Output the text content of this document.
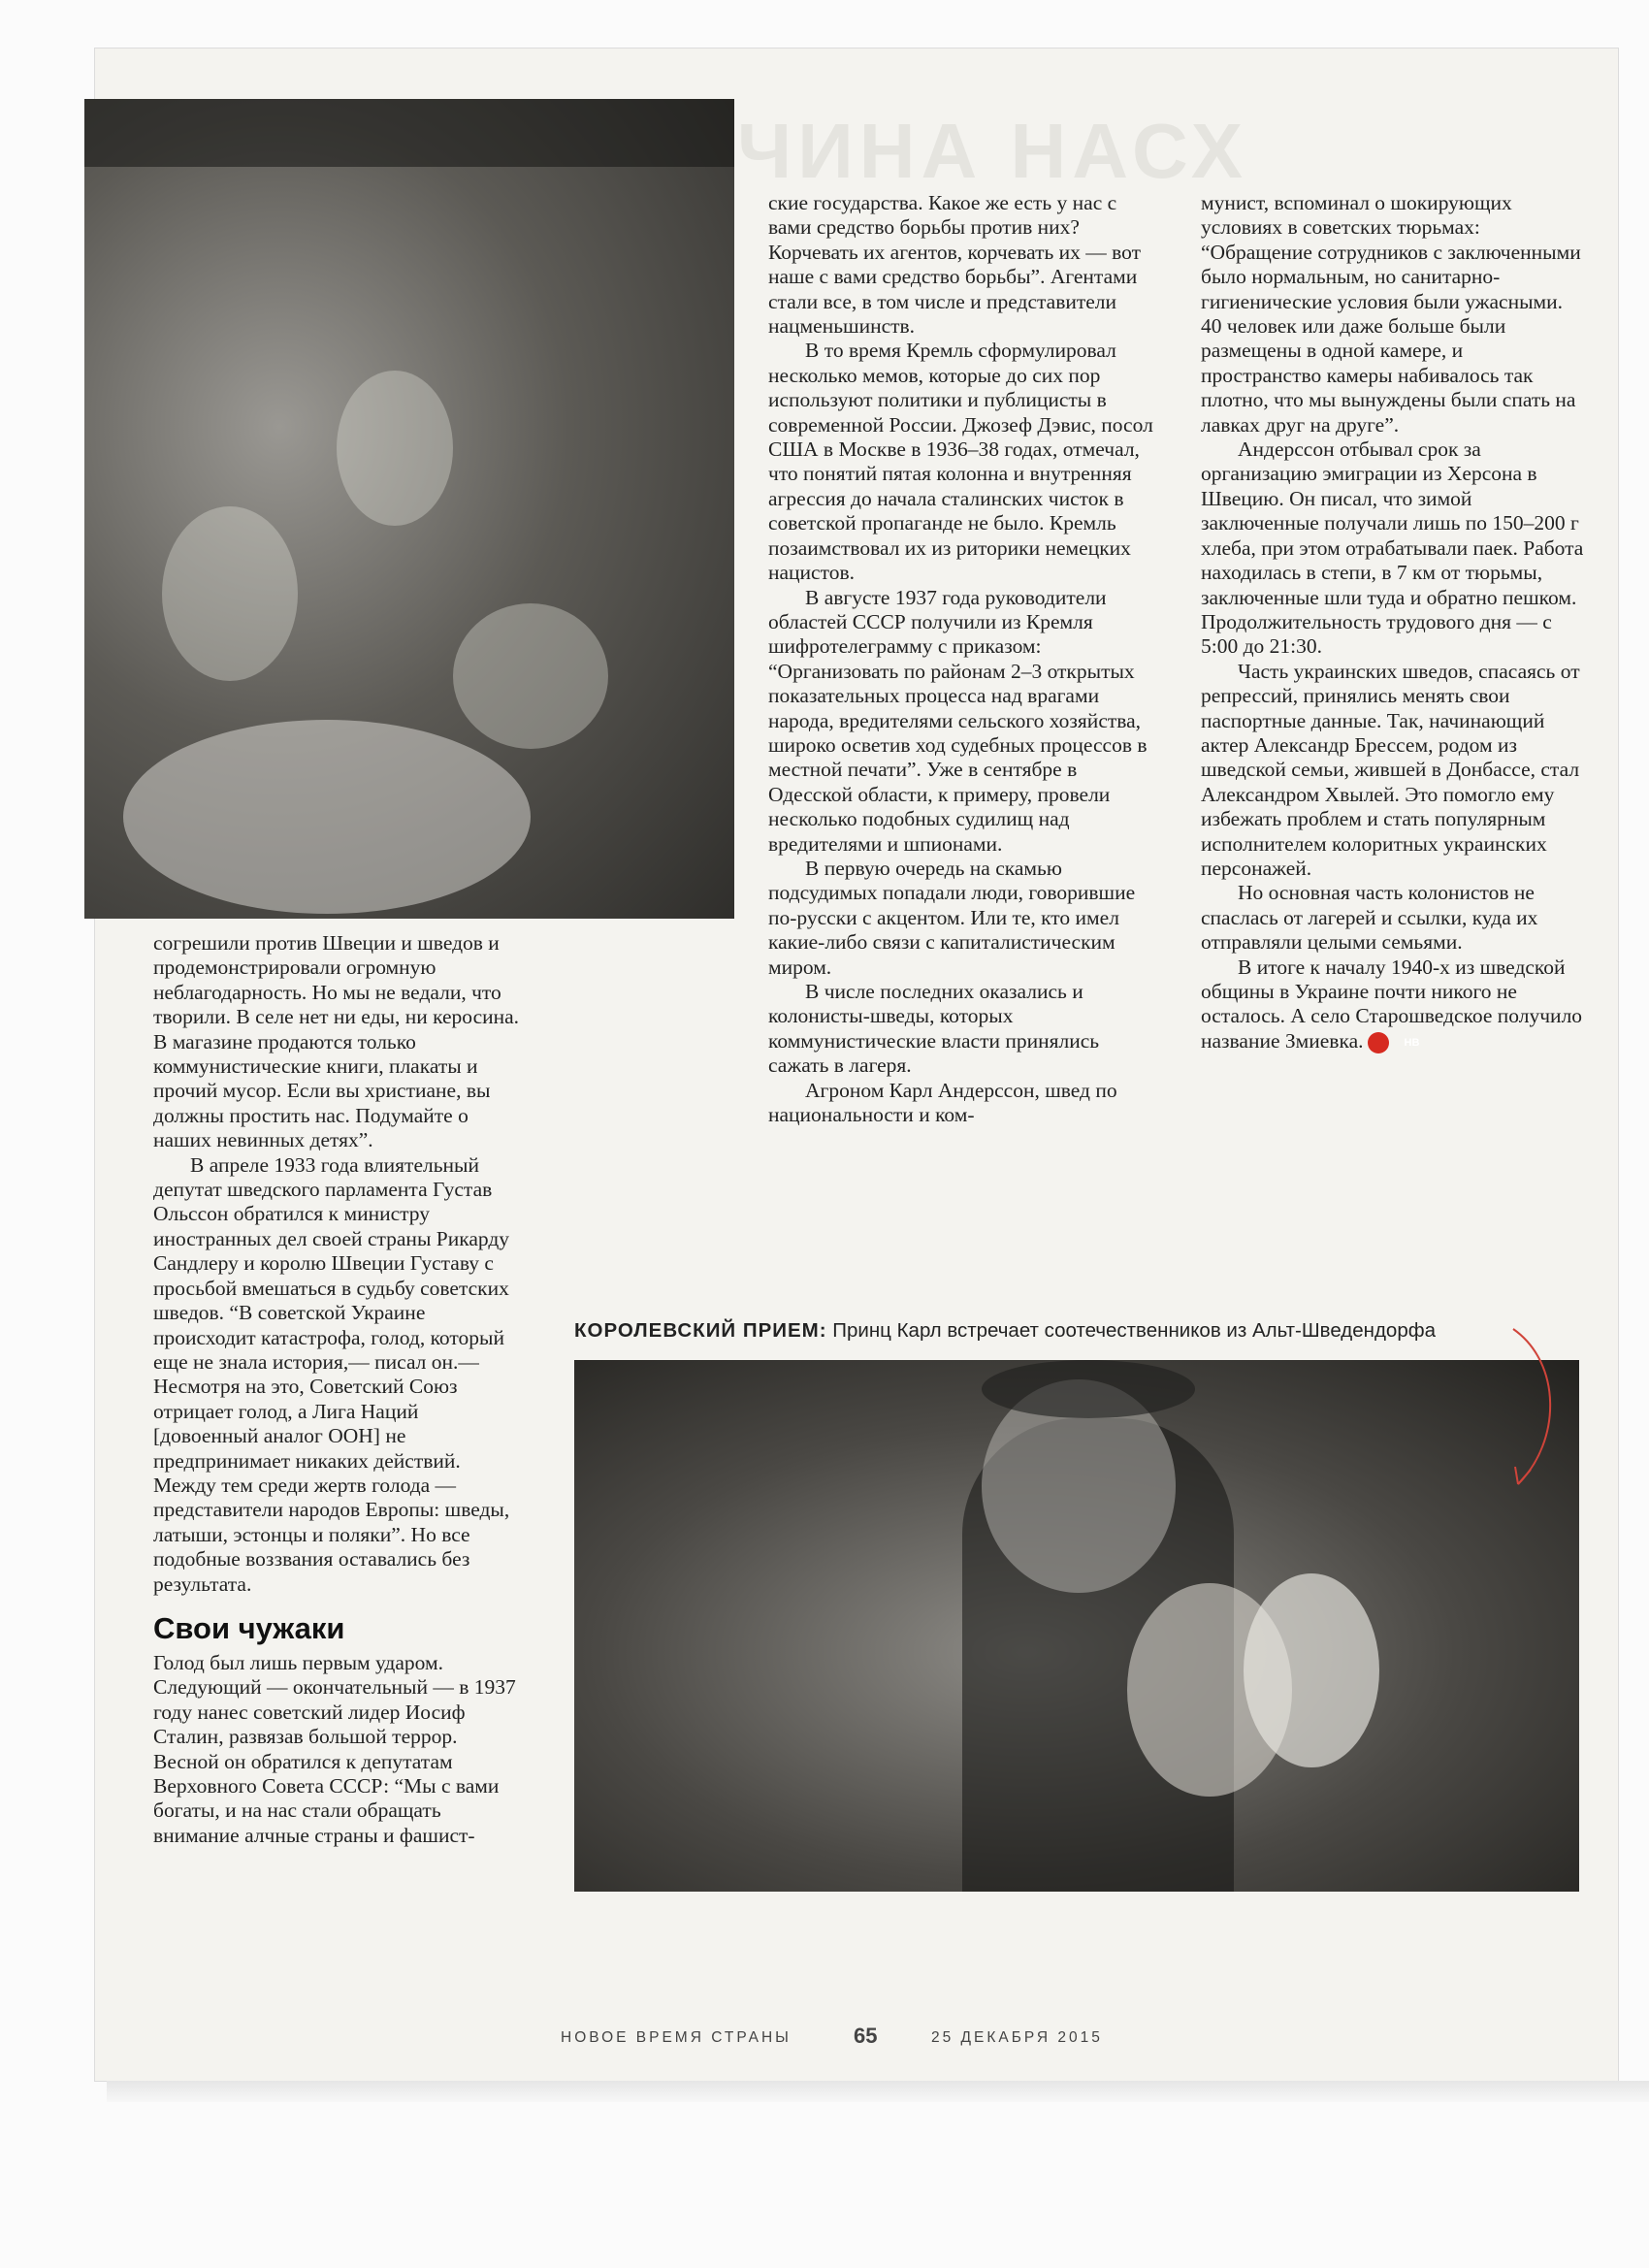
ЧИНА НАСХ

ские государства. Какое же есть у нас с вами средство борьбы против них? Корчевать их агентов, корчевать их — вот наше с вами средство борьбы”. Агентами стали все, в том числе и представители нацменьшинств.

В то время Кремль сформулировал несколько мемов, которые до сих пор используют политики и публицисты в современной России. Джозеф Дэвис, посол США в Москве в 1936–38 годах, отмечал, что понятий пятая колонна и внутренняя агрессия до начала сталинских чисток в советской пропаганде не было. Кремль позаимствовал их из риторики немецких нацистов.

В августе 1937 года руководители областей СССР получили из Кремля шифротелеграмму с приказом: “Организовать по районам 2–3 открытых показательных процесса над врагами народа, вредителями сельского хозяйства, широко осветив ход судебных процессов в местной печати”. Уже в сентябре в Одесской области, к примеру, провели несколько подобных судилищ над вредителями и шпионами.

В первую очередь на скамью подсудимых попадали люди, говорившие по-русски с акцентом. Или те, кто имел какие-либо связи с капиталистическим миром.

В числе последних оказались и колонисты-шведы, которых коммунистические власти принялись сажать в лагеря.

Агроном Карл Андерссон, швед по национальности и ком-

мунист, вспоминал о шокирующих условиях в советских тюрьмах: “Обращение сотрудников с заключенными было нормальным, но санитарно-гигиенические условия были ужасными. 40 человек или даже больше были размещены в одной камере, и пространство камеры набивалось так плотно, что мы вынуждены были спать на лавках друг на друге”.

Андерссон отбывал срок за организацию эмиграции из Херсона в Швецию. Он писал, что зимой заключенные получали лишь по 150–200 г хлеба, при этом отрабатывали паек. Работа находилась в степи, в 7 км от тюрьмы, заключенные шли туда и обратно пешком. Продолжительность трудового дня — с 5:00 до 21:30.

Часть украинских шведов, спасаясь от репрессий, принялись менять свои паспортные данные. Так, начинающий актер Александр Брессем, родом из шведской семьи, жившей в Донбассе, стал Александром Хвылей. Это помогло ему избежать проблем и стать популярным исполнителем колоритных украинских персонажей.

Но основная часть колонистов не спаслась от лагерей и ссылки, куда их отправляли целыми семьями.

В итоге к началу 1940-х из шведской общины в Украине почти никого не осталось. А село Старошведское получило название Змиевка.	НВ

согрешили против Швеции и шведов и продемонстрировали огромную неблагодарность. Но мы не ведали, что творили. В селе нет ни еды, ни керосина. В магазине продаются только коммунистические книги, плакаты и прочий мусор. Если вы христиане, вы должны простить нас. Подумайте о наших невинных детях”.

В апреле 1933 года влиятельный депутат шведского парламента Густав Ольссон обратился к министру иностранных дел своей страны Рикарду Сандлеру и королю Швеции Густаву с просьбой вмешаться в судьбу советских шведов. “В советской Украине происходит катастрофа, голод, который еще не знала история,— писал он.— Несмотря на это, Советский Союз отрицает голод, а Лига Наций [довоенный аналог ООН] не предпринимает никаких действий. Между тем среди жертв голода — представители народов Европы: шведы, латыши, эстонцы и поляки”. Но все подобные воззвания оставались без результата.

Свои чужаки

Голод был лишь первым ударом. Следующий — окончательный — в 1937 году нанес советский лидер Иосиф Сталин, развязав большой террор. Весной он обратился к депутатам Верховного Совета СССР: “Мы с вами богаты, и на нас стали обращать внимание алчные страны и фашист-

КОРОЛЕВСКИЙ ПРИЕМ: Принц Карл встречает соотечественников из Альт-Шведендорфа
НОВОЕ ВРЕМЯ СТРАНЫ	65	25 ДЕКАБРЯ 2015
